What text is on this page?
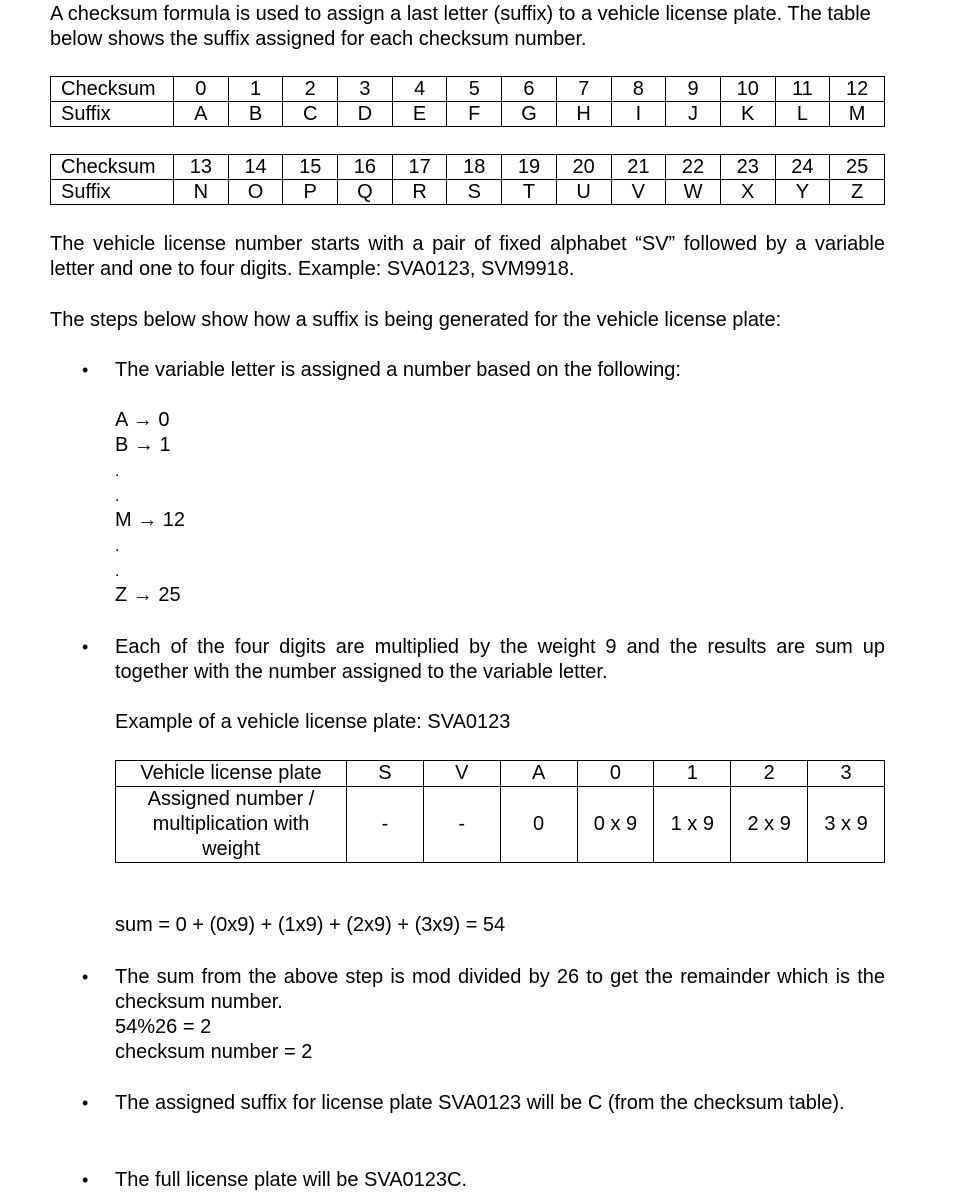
A checksum formula is used to assign a last letter (suffix) to a vehicle license plate. The table below shows the suffix assigned for each checksum number.

Checksum	0	1	2	3	4	5	6	7	8	9	10	11	12
Suffix	A	B	C	D	E	F	G	H	I	J	K	L	M
Checksum	13	14	15	16	17	18	19	20	21	22	23	24	25
Suffix	N	O	P	Q	R	S	T	U	V	W	X	Y	Z

The vehicle license number starts with a pair of fixed alphabet “SV” followed by a variable letter and one to four digits. Example: SVA0123, SVM9918.

The steps below show how a suffix is being generated for the vehicle license plate:

• The variable letter is assigned a number based on the following:

A → 0

B → 1

.
.

M → 12

.
.

Z → 25

• Each of the four digits are multiplied by the weight 9 and the results are sum up together with the number assigned to the variable letter.

Example of a vehicle license plate: SVA0123

Vehicle license plate	S	V	A	0	1	2	3
Assigned number / multiplication with weight	-	-	0	0 x 9	1 x 9	2 x 9	3 x 9

sum = 0 + (0x9) + (1x9) + (2x9) + (3x9) = 54

• The sum from the above step is mod divided by 26 to get the remainder which is the checksum number.

54%26 = 2

checksum number = 2

• The assigned suffix for license plate SVA0123 will be C (from the checksum table).

• The full license plate will be SVA0123C.
